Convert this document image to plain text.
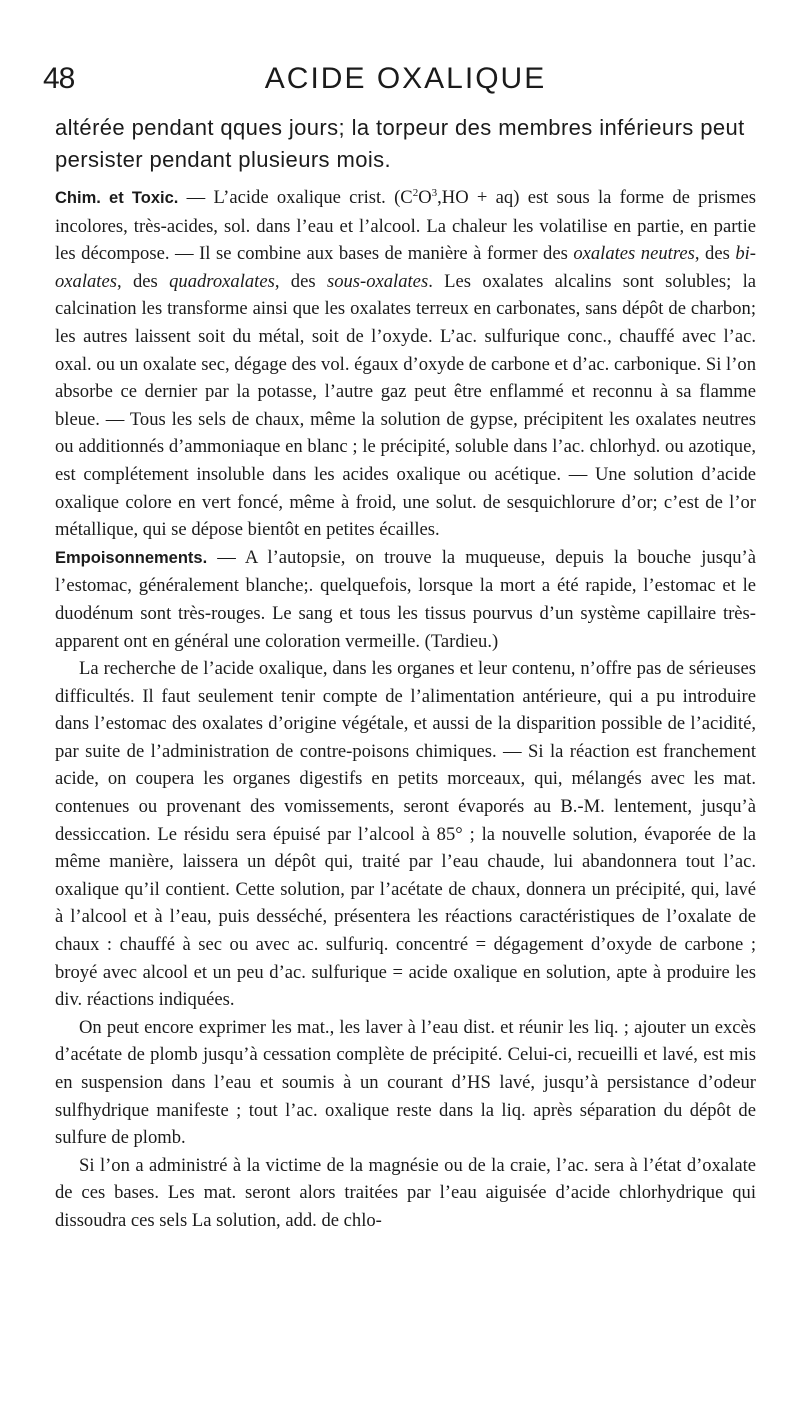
48	ACIDE OXALIQUE
altérée pendant qques jours; la torpeur des membres inférieurs peut persister pendant plusieurs mois.

Chim. et Toxic. — L’acide oxalique crist. $(C^2O^3,HO + aq)$ est sous la forme de prismes incolores, très-acides, sol. dans l’eau et l’alcool. La chaleur les volatilise en partie, en partie les décompose. — Il se combine aux bases de manière à former des oxalates neutres, des bi-oxalates, des quadroxalates, des sous-oxalates. Les oxalates alcalins sont solubles; la calcination les transforme ainsi que les oxalates terreux en carbonates, sans dépôt de charbon; les autres laissent soit du métal, soit de l’oxyde. L’ac. sulfurique conc., chauffé avec l’ac. oxal. ou un oxalate sec, dégage des vol. égaux d’oxyde de carbone et d’ac. carbonique. Si l’on absorbe ce dernier par la potasse, l’autre gaz peut être enflammé et reconnu à sa flamme bleue. — Tous les sels de chaux, même la solution de gypse, précipitent les oxalates neutres ou additionnés d’ammoniaque en blanc ; le précipité, soluble dans l’ac. chlorhyd. ou azotique, est complétement insoluble dans les acides oxalique ou acétique. — Une solution d’acide oxalique colore en vert foncé, même à froid, une solut. de sesquichlorure d’or; c’est de l’or métallique, qui se dépose bientôt en petites écailles.

Empoisonnements. — A l’autopsie, on trouve la muqueuse, depuis la bouche jusqu’à l’estomac, généralement blanche;. quelquefois, lorsque la mort a été rapide, l’estomac et le duodénum sont très-rouges. Le sang et tous les tissus pourvus d’un système capillaire très-apparent ont en général une coloration vermeille. (Tardieu.)

La recherche de l’acide oxalique, dans les organes et leur contenu, n’offre pas de sérieuses difficultés. Il faut seulement tenir compte de l’alimentation antérieure, qui a pu introduire dans l’estomac des oxalates d’origine végétale, et aussi de la disparition possible de l’acidité, par suite de l’administration de contre-poisons chimiques. — Si la réaction est franchement acide, on coupera les organes digestifs en petits morceaux, qui, mélangés avec les mat. contenues ou provenant des vomissements, seront évaporés au B.-M. lentement, jusqu’à dessiccation. Le résidu sera épuisé par l’alcool à 85° ; la nouvelle solution, évaporée de la même manière, laissera un dépôt qui, traité par l’eau chaude, lui abandonnera tout l’ac. oxalique qu’il contient. Cette solution, par l’acétate de chaux, donnera un précipité, qui, lavé à l’alcool et à l’eau, puis desséché, présentera les réactions caractéristiques de l’oxalate de chaux : chauffé à sec ou avec ac. sulfuriq. concentré = dégagement d’oxyde de carbone ; broyé avec alcool et un peu d’ac. sulfurique = acide oxalique en solution, apte à produire les div. réactions indiquées.

On peut encore exprimer les mat., les laver à l’eau dist. et réunir les liq. ; ajouter un excès d’acétate de plomb jusqu’à cessation complète de précipité. Celui-ci, recueilli et lavé, est mis en suspension dans l’eau et soumis à un courant d’HS lavé, jusqu’à persistance d’odeur sulfhydrique manifeste ; tout l’ac. oxalique reste dans la liq. après séparation du dépôt de sulfure de plomb.

Si l’on a administré à la victime de la magnésie ou de la craie, l’ac. sera à l’état d’oxalate de ces bases. Les mat. seront alors traitées par l’eau aiguisée d’acide chlorhydrique qui dissoudra ces sels La solution, add. de chlo-
